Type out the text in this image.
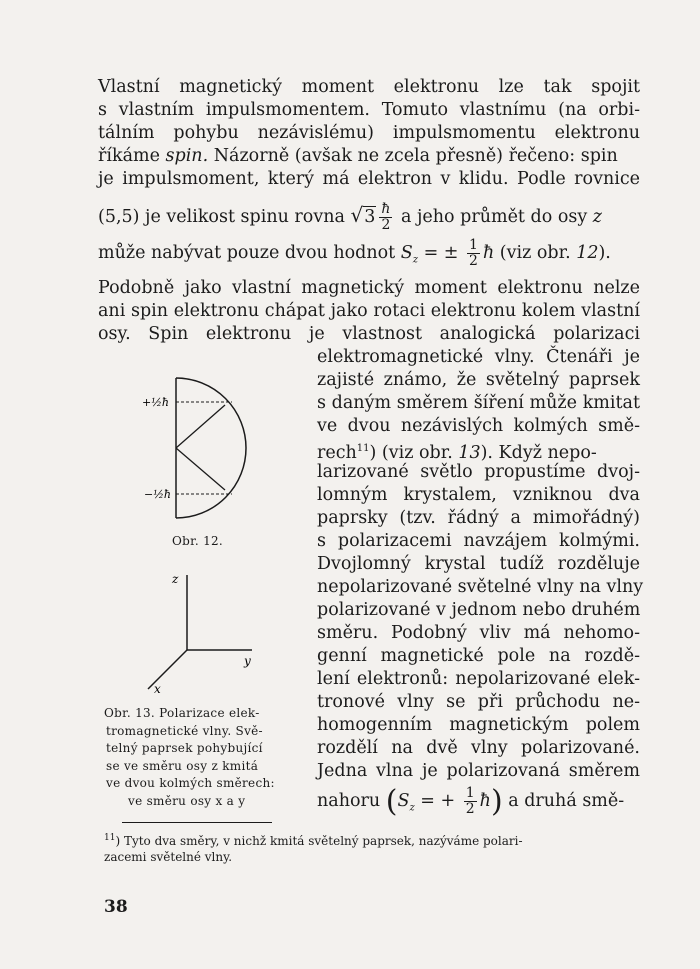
Vlastní magnetický moment elektronu lze tak spojit
s vlastním impulsmomentem. Tomuto vlastnímu (na orbi-
tálním pohybu nezávislému) impulsmomentu elektronu
říkáme spin. Názorně (avšak ne zcela přesně) řečeno: spin
je impulsmoment, který má elektron v klidu. Podle rovnice
(5,5) je velikost spinu rovna $√3 \frac{ħ}{2}$ a jeho průmět do osy z
může nabývat pouze dvou hodnot $S_z$ = ± $\frac{1}{2}$ ħ (viz obr. 12).
Podobně jako vlastní magnetický moment elektronu nelze
ani spin elektronu chápat jako rotaci elektronu kolem vlastní
osy. Spin elektronu je vlastnost analogická polarizaci
elektromagnetické vlny. Čtenáři je
zajisté známo, že světelný paprsek
s daným směrem šíření může kmitat
ve dvou nezávislých kolmých smě-
rech$^{11}$) (viz obr. 13). Když nepo-
larizované světlo propustíme dvoj-
lomným krystalem, vzniknou dva
paprsky (tzv. řádný a mimořádný)
s polarizacemi navzájem kolmými.
Dvojlomný krystal tudíž rozděluje
nepolarizované světelné vlny na vlny
polarizované v jednom nebo druhém
směru. Podobný vliv má nehomo-
genní magnetické pole na rozdě-
lení elektronů: nepolarizované elek-
tronové vlny se při průchodu ne-
homogenním magnetickým polem
rozdělí na dvě vlny polarizované.
Jedna vlna je polarizovaná směrem
nahoru ($S_z$ = + $\frac{1}{2}$ ħ) a druhá smě-
+½ħ
−½ħ
Obr. 12.
z
y
x
Obr. 13. Polarizace elek-
tromagnetické vlny. Svě-
telný paprsek pohybující
se ve směru osy z kmitá
ve dvou kolmých směrech:
ve směru osy x a y
$^{11}$) Tyto dva směry, v nichž kmitá světelný paprsek, nazýváme polari-
zacemi světelné vlny.
38
